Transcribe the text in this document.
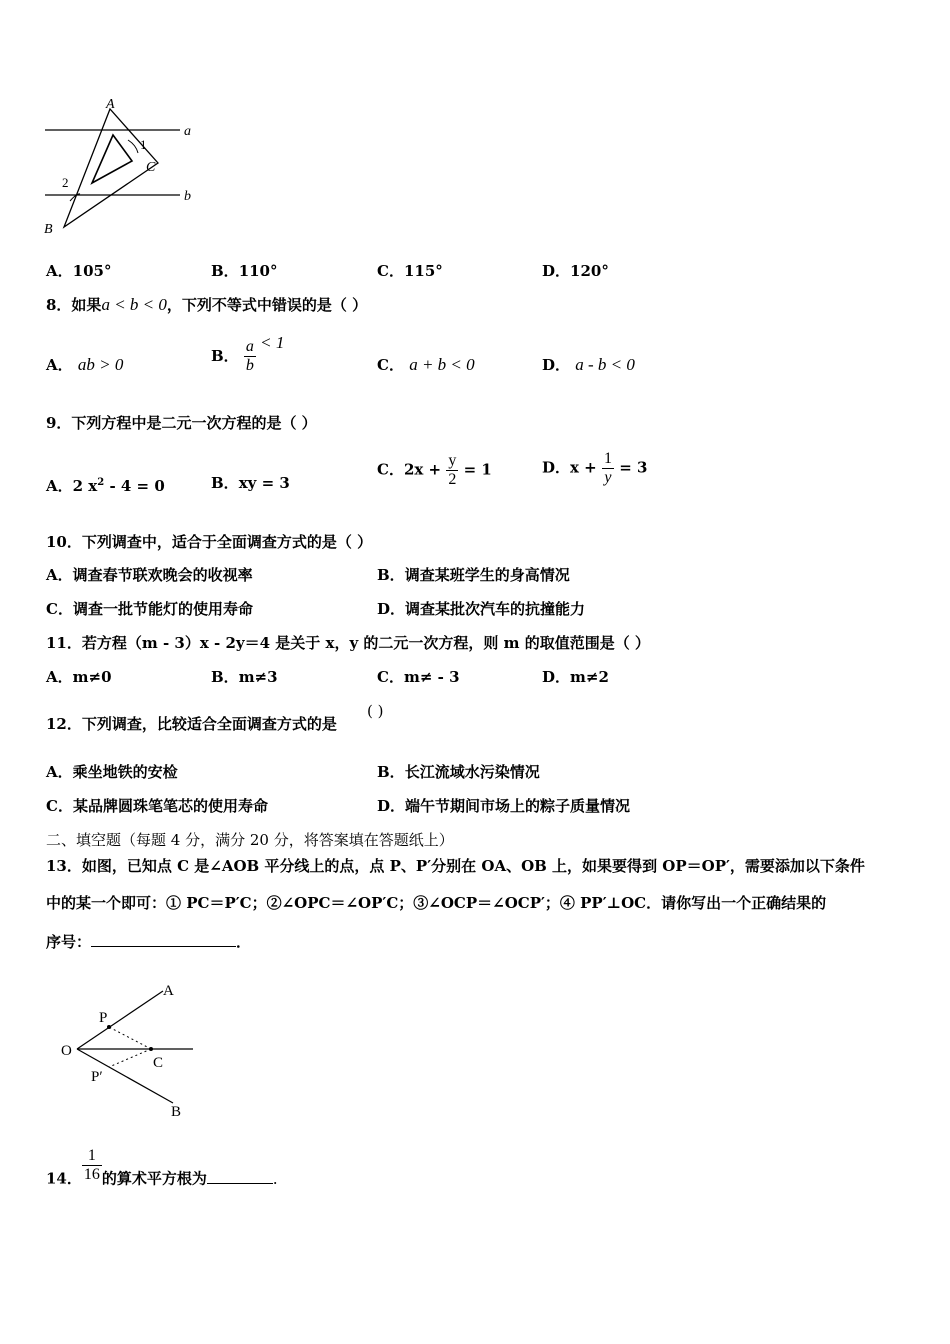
A
B
C
a
b
1
2
A．105°	B．110°	C．115°	D．120°
8．如果a < b < 0，下列不等式中错误的是（ ）
A． ab > 0	B． $\frac{a}{b} < 1$
C． a + b < 0	D． a - b < 0
9．下列方程中是二元一次方程的是（ ）
A．2 $x^2 - 4 = 0$	B．xy = 3
C．$2x + \frac{y}{2} = 1$	D．$x + \frac{1}{y} = 3$
10．下列调查中，适合于全面调查方式的是（ ）
A．调查春节联欢晚会的收视率	B．调查某班学生的身高情况
C．调查一批节能灯的使用寿命	D．调查某批次汽车的抗撞能力
11．若方程（m - 3）x - 2y＝4 是关于 x，y 的二元一次方程，则 m 的取值范围是（ ）
A．m≠0	B．m≠3	C．m≠ - 3	D．m≠2
12．下列调查，比较适合全面调查方式的是
( )
A．乘坐地铁的安检	B．长江流域水污染情况
C．某品牌圆珠笔笔芯的使用寿命	D．端午节期间市场上的粽子质量情况
二、填空题（每题 4 分，满分 20 分，将答案填在答题纸上）
13．如图，已知点 C 是∠AOB 平分线上的点，点 P、P′分别在 OA、OB 上，如果要得到 OP＝OP′，需要添加以下条件
中的某一个即可：① PC＝P′C；②∠OPC＝∠OP′C；③∠OCP＝∠OCP′；④ PP′⊥OC．请你写出一个正确结果的
序号：	．
O
A
B
C
P
P′
14． $\frac{1}{16}$ 的算术平方根为	．
